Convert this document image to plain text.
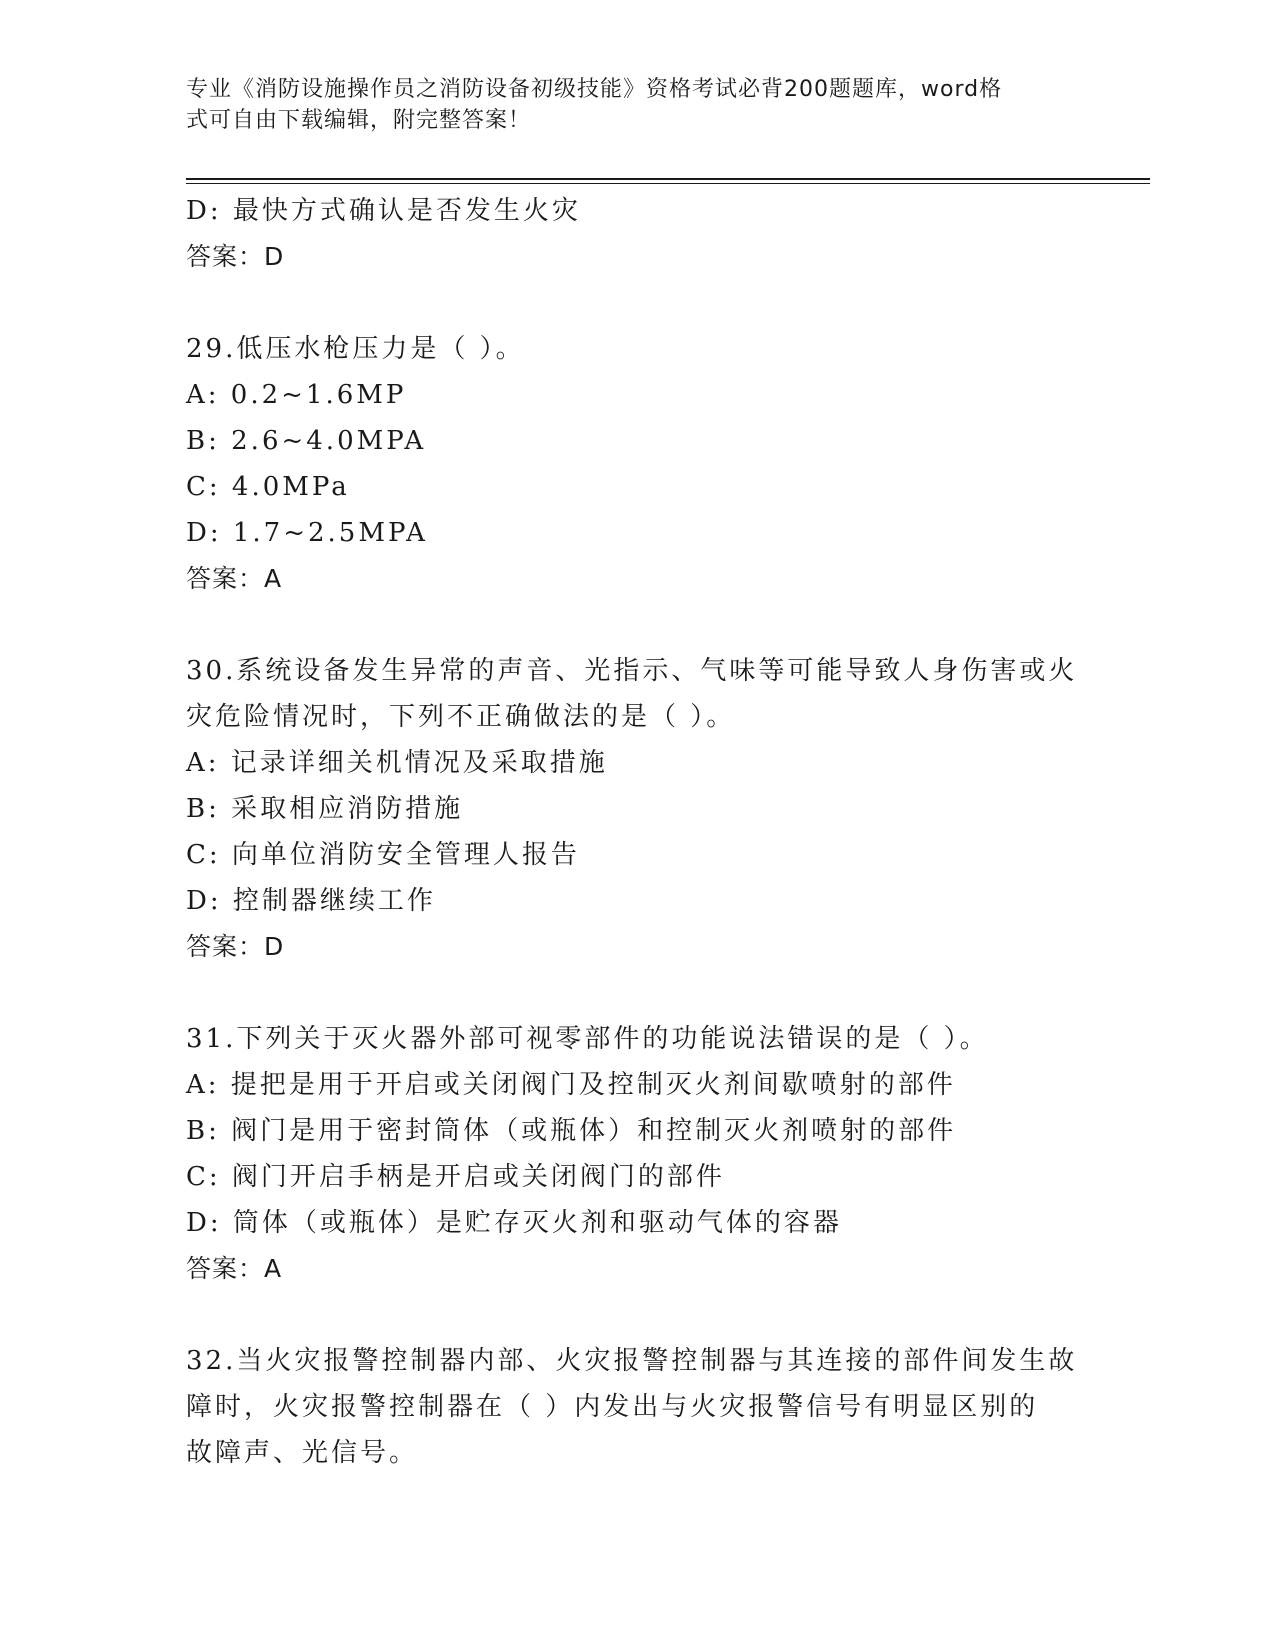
专业《消防设施操作员之消防设备初级技能》资格考试必背200题题库，word格
式可自由下载编辑，附完整答案！
D: 最快方式确认是否发生火灾
答案：D
29.低压水枪压力是（ ）。
A: 0.2~1.6MP
B: 2.6~4.0MPA
C: 4.0MPa
D: 1.7~2.5MPA
答案：A
30.系统设备发生异常的声音、光指示、气味等可能导致人身伤害或火
灾危险情况时，下列不正确做法的是（ ）。
A: 记录详细关机情况及采取措施
B: 采取相应消防措施
C: 向单位消防安全管理人报告
D: 控制器继续工作
答案：D
31.下列关于灭火器外部可视零部件的功能说法错误的是（ ）。
A: 提把是用于开启或关闭阀门及控制灭火剂间歇喷射的部件
B: 阀门是用于密封筒体（或瓶体）和控制灭火剂喷射的部件
C: 阀门开启手柄是开启或关闭阀门的部件
D: 筒体（或瓶体）是贮存灭火剂和驱动气体的容器
答案：A
32.当火灾报警控制器内部、火灾报警控制器与其连接的部件间发生故
障时，火灾报警控制器在（ ）内发出与火灾报警信号有明显区别的
故障声、光信号。
